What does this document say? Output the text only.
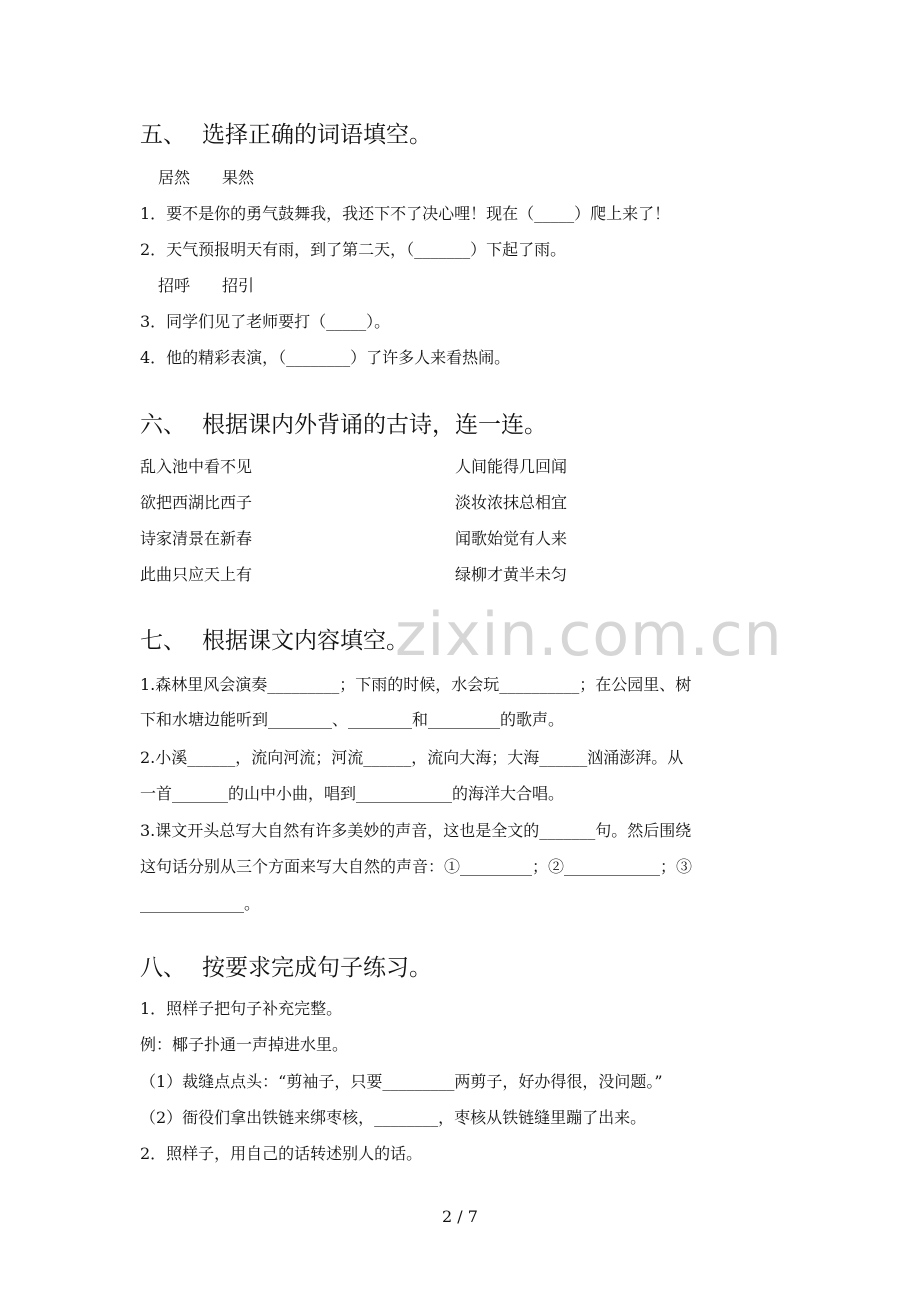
五、 选择正确的词语填空。
居然　　果然
1．要不是你的勇气鼓舞我，我还下不了决心哩！现在（_____）爬上来了！
2．天气预报明天有雨，到了第二天，（_______）下起了雨。
招呼　　招引
3．同学们见了老师要打（_____）。
4．他的精彩表演，（________）了许多人来看热闹。
六、 根据课内外背诵的古诗，连一连。
乱入池中看不见	人间能得几回闻
欲把西湖比西子	淡妆浓抹总相宜
诗家清景在新春	闻歌始觉有人来
此曲只应天上有	绿柳才黄半未匀
zixin.com.cn
七、 根据课文内容填空。
1.森林里风会演奏_________；下雨的时候，水会玩__________；在公园里、树
下和水塘边能听到________、________和_________的歌声。
2.小溪______，流向河流；河流______，流向大海；大海______汹涌澎湃。从
一首_______的山中小曲，唱到____________的海洋大合唱。
3.课文开头总写大自然有许多美妙的声音，这也是全文的_______句。然后围绕
这句话分别从三个方面来写大自然的声音：①_________；②____________；③
_____________。
八、 按要求完成句子练习。
1．照样子把句子补充完整。
例：椰子扑通一声掉进水里。
（1）裁缝点点头：“剪袖子，只要_________两剪子，好办得很，没问题。”
（2）衙役们拿出铁链来绑枣核，________，枣核从铁链缝里蹦了出来。
2．照样子，用自己的话转述别人的话。
2 / 7
